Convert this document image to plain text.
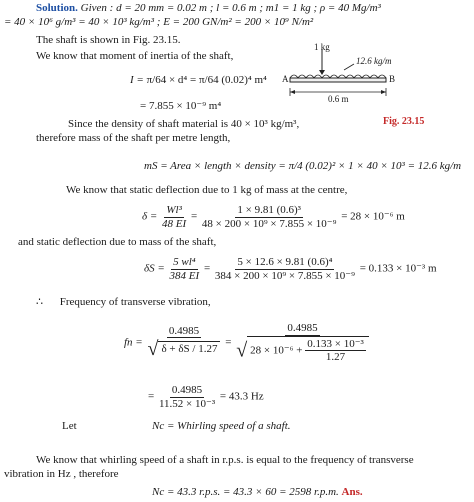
Solution. Given : d = 20 mm = 0.02 m ; l = 0.6 m ; m1 = 1 kg ; ρ = 40 Mg/m³
= 40 × 10⁶ g/m³ = 40 × 10³ kg/m³ ; E = 200 GN/m² = 200 × 10⁹ N/m²
The shaft is shown in Fig. 23.15.
We know that moment of inertia of the shaft,
I = π/64 × d⁴ = π/64 (0.02)⁴ m⁴
= 7.855 × 10⁻⁹ m⁴
1 kg
12.6 kg/m
A	B
0.6 m
Fig. 23.15
Since the density of shaft material is 40 × 10³ kg/m³,
therefore mass of the shaft per metre length,
mS = Area × length × density = π/4 (0.02)² × 1 × 40 × 10³ = 12.6 kg/m
We know that static deflection due to 1 kg of mass at the centre,
$\delta = \frac{\text{Wl³}}{48 EI} = \frac{\text{1 × 9.81 (0.6)³}}{\text{48 × 200 × 10⁹ × 7.855 × 10⁻⁹}} = 28 \times 10^{-6}$ m
and static deflection due to mass of the shaft,
$\delta S = \frac{\text{5 wl⁴}}{384 EI} = \frac{\text{5 × 12.6 × 9.81 (0.6)⁴}}{\text{384 × 200 × 10⁹ × 7.855 × 10⁻⁹}} = 0.133 \times 10^{-3}$ m
∴ Frequency of transverse vibration,
fn = $\frac{0.4985}{√ \delta + \delta S / 1.27}$ =
0.4985
√ $28 \times 10^{-6} + \frac{\text{0.133 × 10⁻³}}{1.27}$
= $\frac{0.4985}{\text{11.52 × 10⁻³}} = 43.3$ Hz
Let	Nc = Whirling speed of a shaft.
We know that whirling speed of a shaft in r.p.s. is equal to the frequency of transverse
vibration in Hz , therefore
Nc = 43.3 r.p.s. = 43.3 × 60 = 2598 r.p.m. Ans.
